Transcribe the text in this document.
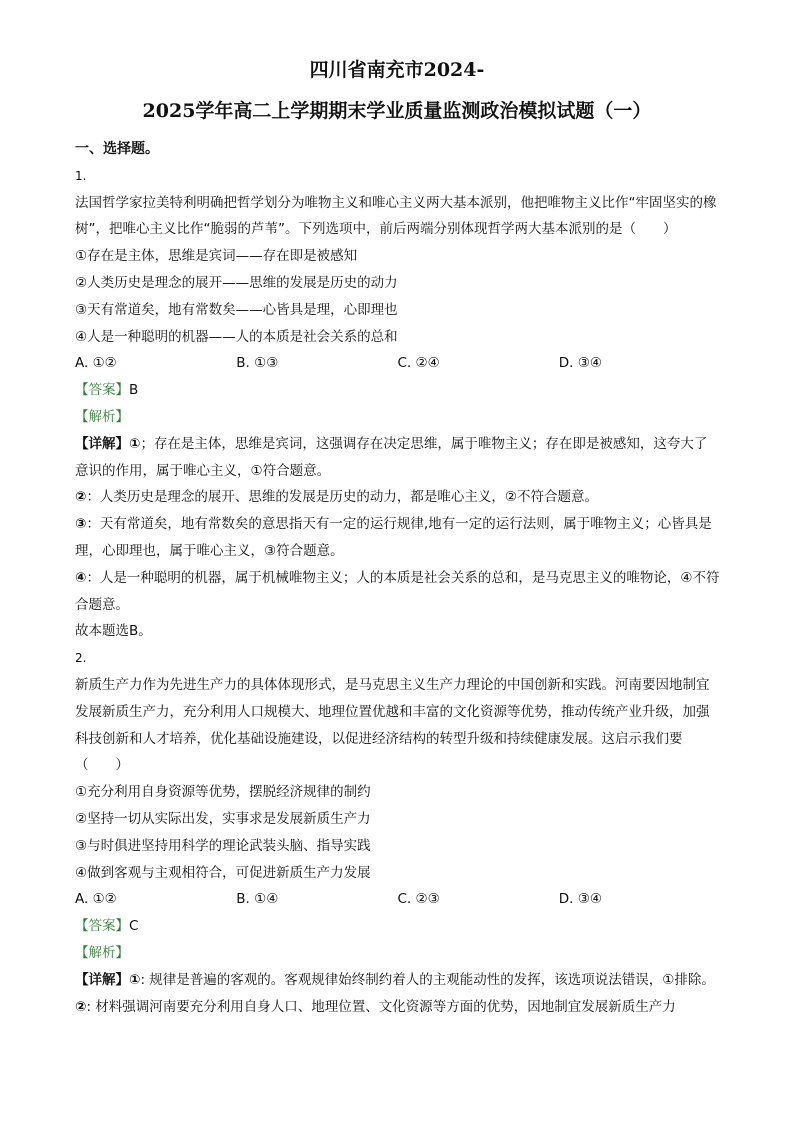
四川省南充市2024-
2025学年高二上学期期末学业质量监测政治模拟试题（一）
一、选择题。
1.
法国哲学家拉美特利明确把哲学划分为唯物主义和唯心主义两大基本派别，他把唯物主义比作“牢固坚实的橡树”，把唯心主义比作“脆弱的芦苇”。下列选项中，前后两端分别体现哲学两大基本派别的是（　　）
①存在是主体，思维是宾词——存在即是被感知
②人类历史是理念的展开——思维的发展是历史的动力
③天有常道矣，地有常数矣——心皆具是理，心即理也
④人是一种聪明的机器——人的本质是社会关系的总和
A. ①②	B. ①③	C. ②④	D. ③④
【答案】B
【解析】
【详解】①；存在是主体，思维是宾词，这强调存在决定思维，属于唯物主义；存在即是被感知，这夸大了意识的作用，属于唯心主义，①符合题意。
②：人类历史是理念的展开、思维的发展是历史的动力，都是唯心主义，②不符合题意。
③：天有常道矣，地有常数矣的意思指天有一定的运行规律,地有一定的运行法则，属于唯物主义；心皆具是理，心即理也，属于唯心主义，③符合题意。
④：人是一种聪明的机器，属于机械唯物主义；人的本质是社会关系的总和，是马克思主义的唯物论，④不符合题意。
故本题选B。
2.
新质生产力作为先进生产力的具体体现形式，是马克思主义生产力理论的中国创新和实践。河南要因地制宜发展新质生产力，充分利用人口规模大、地理位置优越和丰富的文化资源等优势，推动传统产业升级，加强科技创新和人才培养，优化基础设施建设，以促进经济结构的转型升级和持续健康发展。这启示我们要（　　）
①充分利用自身资源等优势，摆脱经济规律的制约
②坚持一切从实际出发，实事求是发展新质生产力
③与时俱进坚持用科学的理论武装头脑、指导实践
④做到客观与主观相符合，可促进新质生产力发展
A. ①②	B. ①④	C. ②③	D. ③④
【答案】C
【解析】
【详解】①: 规律是普遍的客观的。客观规律始终制约着人的主观能动性的发挥，该选项说法错误，①排除。
②: 材料强调河南要充分利用自身人口、地理位置、文化资源等方面的优势，因地制宜发展新质生产力
